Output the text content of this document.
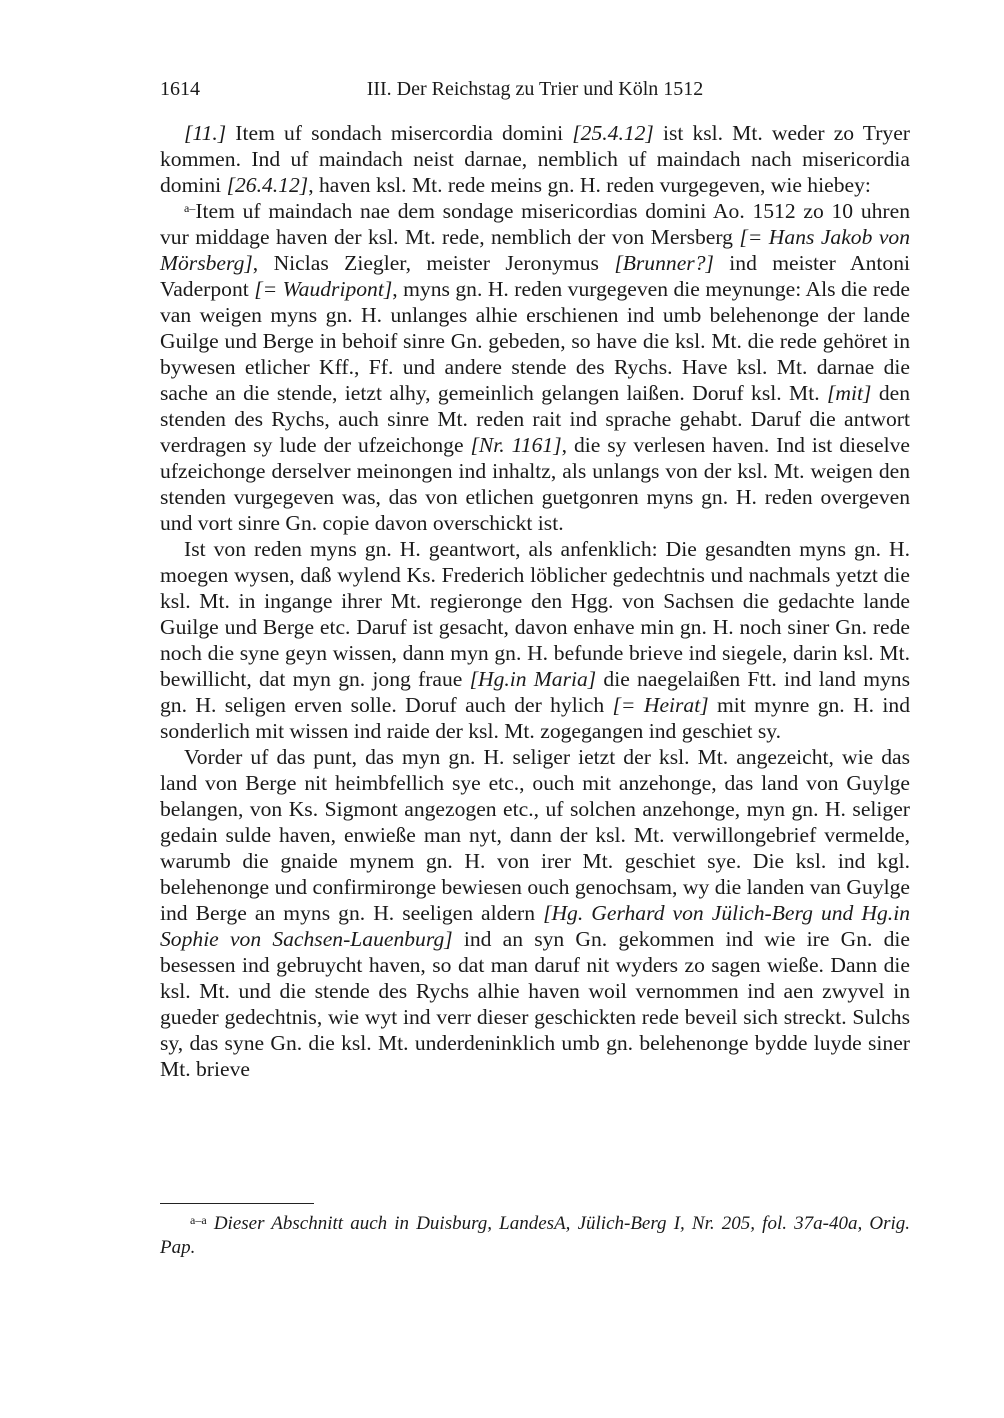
1614	III. Der Reichstag zu Trier und Köln 1512

[11.] Item uf sondach misercordia domini [25.4.12] ist ksl. Mt. weder zo Tryer kommen. Ind uf maindach neist darnae, nemblich uf maindach nach misericordia domini [26.4.12], haven ksl. Mt. rede meins gn. H. reden vurgegeven, wie hiebey:

$^{a-}$Item uf maindach nae dem sondage misericordias domini Ao. 1512 zo 10 uhren vur middage haven der ksl. Mt. rede, nemblich der von Mersberg [= Hans Jakob von Mörsberg], Niclas Ziegler, meister Jeronymus [Brunner?] ind meister Antoni Vaderpont [= Waudripont], myns gn. H. reden vurgegeven die meynunge: Als die rede van weigen myns gn. H. unlanges alhie erschienen ind umb belehenonge der lande Guilge und Berge in behoif sinre Gn. gebeden, so have die ksl. Mt. die rede gehöret in bywesen etlicher Kff., Ff. und andere stende des Rychs. Have ksl. Mt. darnae die sache an die stende, ietzt alhy, gemeinlich gelangen laißen. Doruf ksl. Mt. [mit] den stenden des Rychs, auch sinre Mt. reden rait ind sprache gehabt. Daruf die antwort verdragen sy lude der ufzeichonge [Nr. 1161], die sy verlesen haven. Ind ist dieselve ufzeichonge derselver meinongen ind inhaltz, als unlangs von der ksl. Mt. weigen den stenden vurgegeven was, das von etlichen guetgonren myns gn. H. reden overgeven und vort sinre Gn. copie davon overschickt ist.

Ist von reden myns gn. H. geantwort, als anfenklich: Die gesandten myns gn. H. moegen wysen, daß wylend Ks. Frederich löblicher gedechtnis und nachmals yetzt die ksl. Mt. in ingange ihrer Mt. regieronge den Hgg. von Sachsen die gedachte lande Guilge und Berge etc. Daruf ist gesacht, davon enhave min gn. H. noch siner Gn. rede noch die syne geyn wissen, dann myn gn. H. befunde brieve ind siegele, darin ksl. Mt. bewillicht, dat myn gn. jong fraue [Hg.in Maria] die naegelaißen Ftt. ind land myns gn. H. seligen erven solle. Doruf auch der hylich [= Heirat] mit mynre gn. H. ind sonderlich mit wissen ind raide der ksl. Mt. zogegangen ind geschiet sy.

Vorder uf das punt, das myn gn. H. seliger ietzt der ksl. Mt. angezeicht, wie das land von Berge nit heimbfellich sye etc., ouch mit anzehonge, das land von Guylge belangen, von Ks. Sigmont angezogen etc., uf solchen anzehonge, myn gn. H. seliger gedain sulde haven, enwieße man nyt, dann der ksl. Mt. verwillongebrief vermelde, warumb die gnaide mynem gn. H. von irer Mt. geschiet sye. Die ksl. ind kgl. belehenonge und confirmironge bewiesen ouch genochsam, wy die landen van Guylge ind Berge an myns gn. H. seeligen aldern [Hg. Gerhard von Jülich-Berg und Hg.in Sophie von Sachsen-Lauenburg] ind an syn Gn. gekommen ind wie ire Gn. die besessen ind gebruycht haven, so dat man daruf nit wyders zo sagen wieße. Dann die ksl. Mt. und die stende des Rychs alhie haven woil vernommen ind aen zwyvel in gueder gedechtnis, wie wyt ind verr dieser geschickten rede beveil sich streckt. Sulchs sy, das syne Gn. die ksl. Mt. underdeninklich umb gn. belehenonge bydde luyde siner Mt. brieve

$^{a-a}$ Dieser Abschnitt auch in Duisburg, LandesA, Jülich-Berg I, Nr. 205, fol. 37a-40a, Orig. Pap.
